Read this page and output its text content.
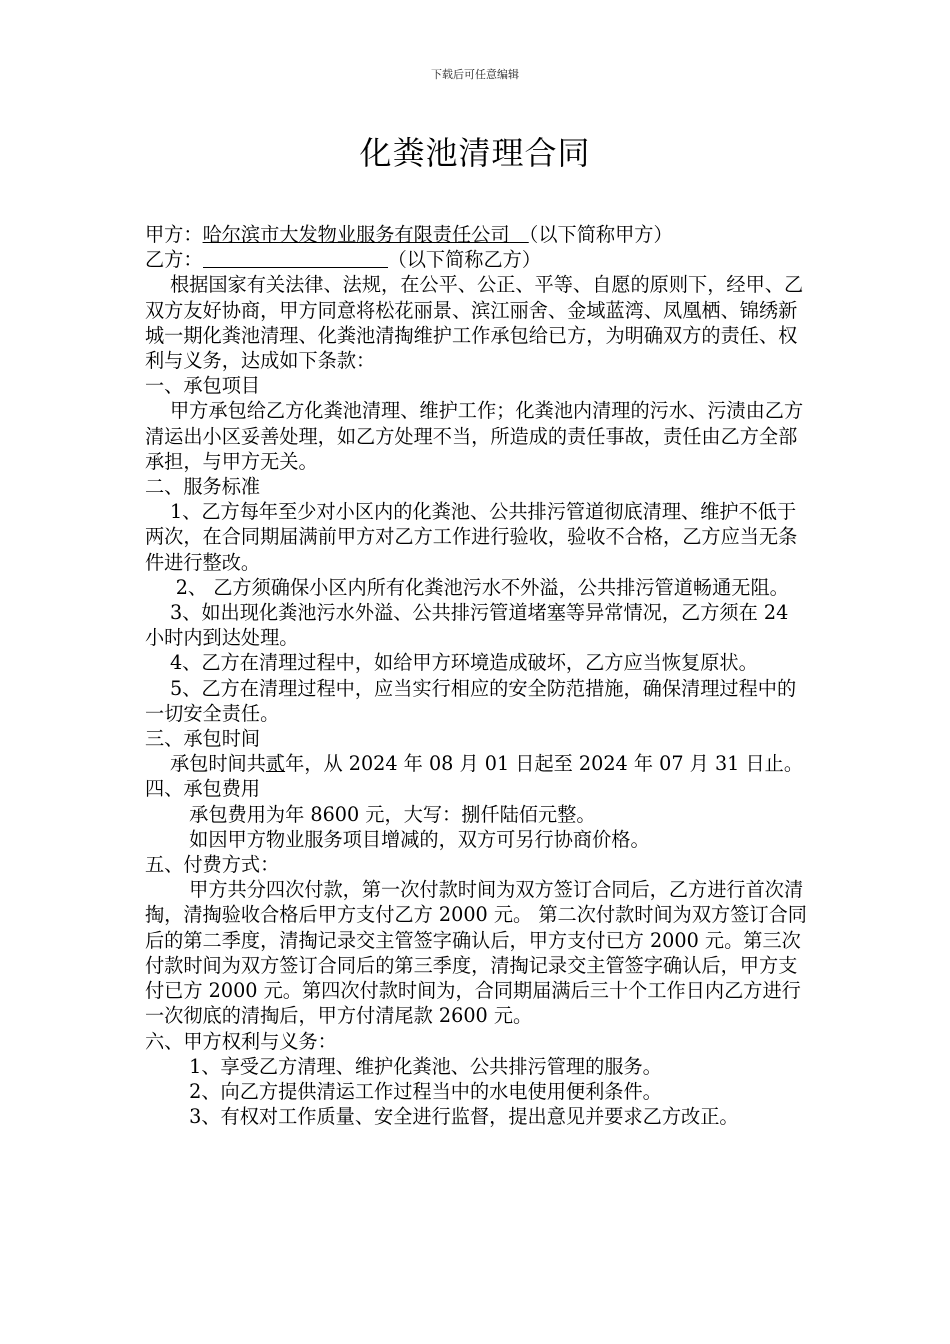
下载后可任意编辑
化粪池清理合同

甲方：哈尔滨市大发物业服务有限责任公司　 （以下简称甲方）

乙方：	（以下简称乙方）

根据国家有关法律、法规，在公平、公正、平等、自愿的原则下，经甲、乙双方友好协商，甲方同意将松花丽景、滨江丽舍、金域蓝湾、凤凰栖、锦绣新城一期化粪池清理、化粪池清掏维护工作承包给已方，为明确双方的责任、权利与义务，达成如下条款：

一、承包项目

甲方承包给乙方化粪池清理、维护工作；化粪池内清理的污水、污渍由乙方清运出小区妥善处理，如乙方处理不当，所造成的责任事故，责任由乙方全部承担，与甲方无关。

二、服务标准

1、乙方每年至少对小区内的化粪池、公共排污管道彻底清理、维护不低于两次，在合同期届满前甲方对乙方工作进行验收，验收不合格，乙方应当无条件进行整改。

2、 乙方须确保小区内所有化粪池污水不外溢，公共排污管道畅通无阻。

3、如出现化粪池污水外溢、公共排污管道堵塞等异常情况，乙方须在 24 小时内到达处理。

4、乙方在清理过程中，如给甲方环境造成破坏，乙方应当恢复原状。

5、乙方在清理过程中，应当实行相应的安全防范措施，确保清理过程中的一切安全责任。

三、承包时间

承包时间共贰年，从 2024 年 08 月 01 日起至 2024 年 07 月 31 日止。

四、承包费用

承包费用为年 8600 元，大写：捌仟陆佰元整。

如因甲方物业服务项目增减的，双方可另行协商价格。

五、付费方式：

甲方共分四次付款，第一次付款时间为双方签订合同后，乙方进行首次清掏，清掏验收合格后甲方支付乙方 2000 元。 第二次付款时间为双方签订合同后的第二季度，清掏记录交主管签字确认后，甲方支付已方 2000 元。第三次付款时间为双方签订合同后的第三季度，清掏记录交主管签字确认后，甲方支付已方 2000 元。第四次付款时间为，合同期届满后三十个工作日内乙方进行一次彻底的清掏后，甲方付清尾款 2600 元。

六、甲方权利与义务：

1、享受乙方清理、维护化粪池、公共排污管理的服务。

2、向乙方提供清运工作过程当中的水电使用便利条件。

3、有权对工作质量、安全进行监督，提出意见并要求乙方改正。
